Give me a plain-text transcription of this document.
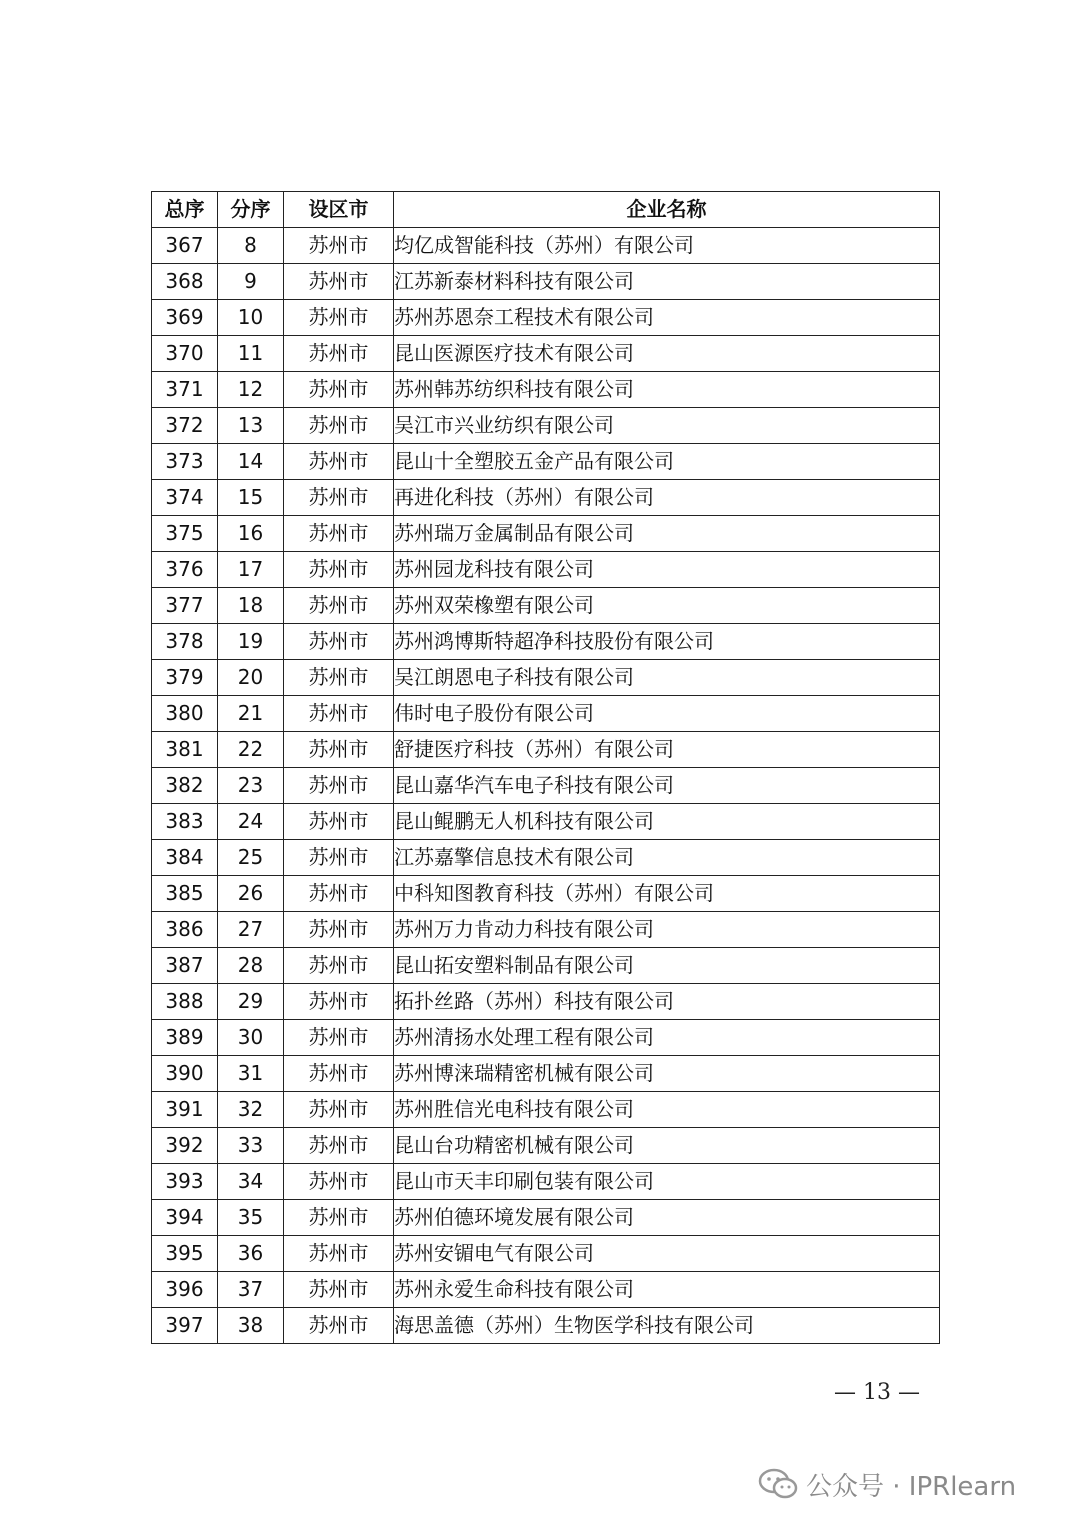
总序	分序	设区市	企业名称
367	8	苏州市	均亿成智能科技（苏州）有限公司
368	9	苏州市	江苏新泰材料科技有限公司
369	10	苏州市	苏州苏恩奈工程技术有限公司
370	11	苏州市	昆山医源医疗技术有限公司
371	12	苏州市	苏州韩苏纺织科技有限公司
372	13	苏州市	吴江市兴业纺织有限公司
373	14	苏州市	昆山十全塑胶五金产品有限公司
374	15	苏州市	再进化科技（苏州）有限公司
375	16	苏州市	苏州瑞万金属制品有限公司
376	17	苏州市	苏州园龙科技有限公司
377	18	苏州市	苏州双荣橡塑有限公司
378	19	苏州市	苏州鸿博斯特超净科技股份有限公司
379	20	苏州市	吴江朗恩电子科技有限公司
380	21	苏州市	伟时电子股份有限公司
381	22	苏州市	舒捷医疗科技（苏州）有限公司
382	23	苏州市	昆山嘉华汽车电子科技有限公司
383	24	苏州市	昆山鲲鹏无人机科技有限公司
384	25	苏州市	江苏嘉擎信息技术有限公司
385	26	苏州市	中科知图教育科技（苏州）有限公司
386	27	苏州市	苏州万力肯动力科技有限公司
387	28	苏州市	昆山拓安塑料制品有限公司
388	29	苏州市	拓扑丝路（苏州）科技有限公司
389	30	苏州市	苏州清扬水处理工程有限公司
390	31	苏州市	苏州博涞瑞精密机械有限公司
391	32	苏州市	苏州胜信光电科技有限公司
392	33	苏州市	昆山台功精密机械有限公司
393	34	苏州市	昆山市天丰印刷包装有限公司
394	35	苏州市	苏州伯德环境发展有限公司
395	36	苏州市	苏州安镅电气有限公司
396	37	苏州市	苏州永爱生命科技有限公司
397	38	苏州市	海思盖德（苏州）生物医学科技有限公司
— 13 —
公众号 · IPRlearn
